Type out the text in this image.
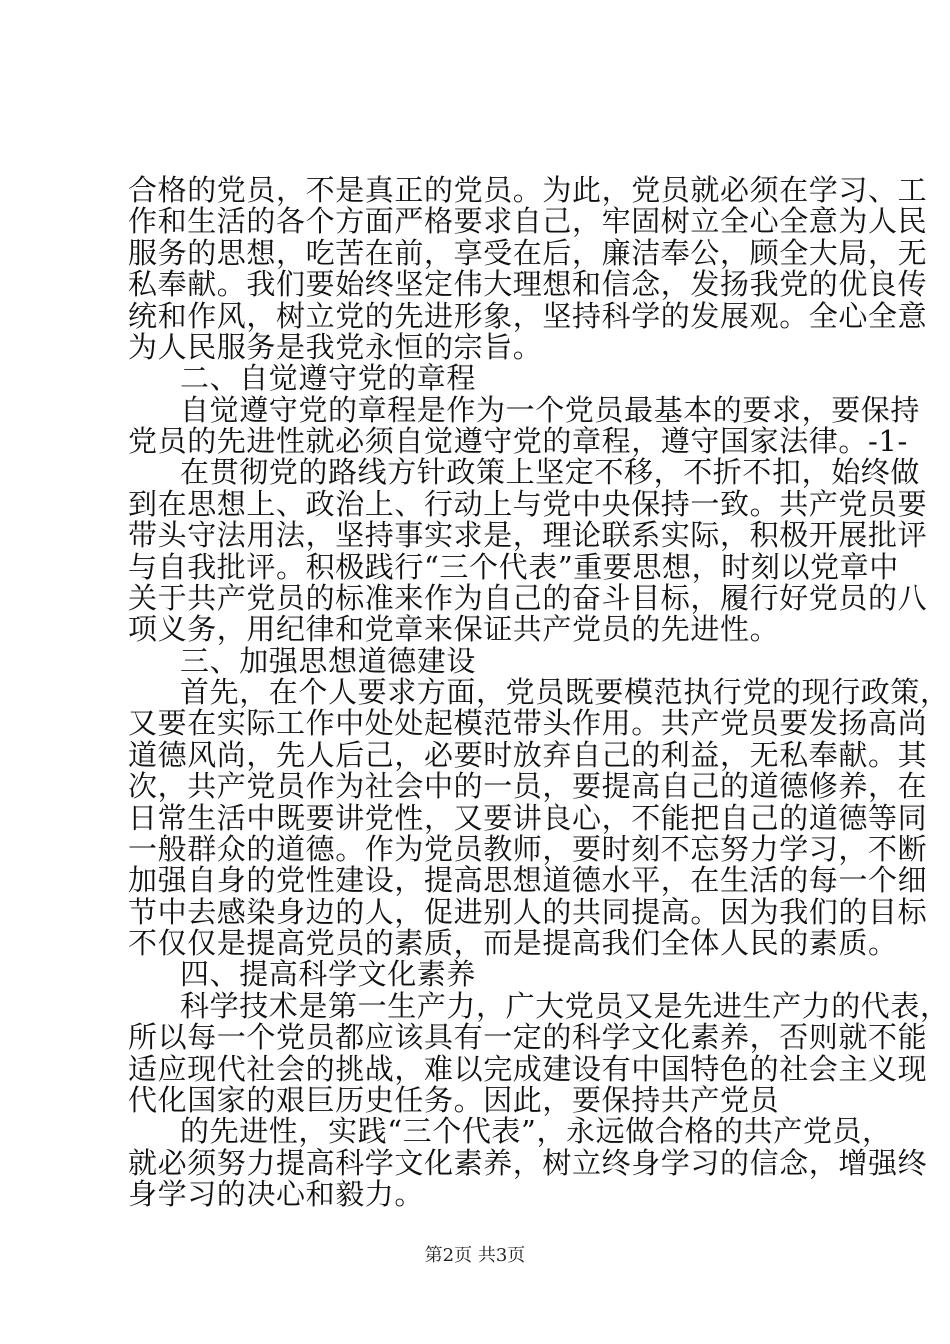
合格的党员，不是真正的党员。为此，党员就必须在学习、工
作和生活的各个方面严格要求自己，牢固树立全心全意为人民
服务的思想，吃苦在前，享受在后，廉洁奉公，顾全大局，无
私奉献。我们要始终坚定伟大理想和信念，发扬我党的优良传
统和作风，树立党的先进形象，坚持科学的发展观。全心全意
为人民服务是我党永恒的宗旨。
二、自觉遵守党的章程
自觉遵守党的章程是作为一个党员最基本的要求，要保持
党员的先进性就必须自觉遵守党的章程，遵守国家法律。-1-
在贯彻党的路线方针政策上坚定不移，不折不扣，始终做
到在思想上、政治上、行动上与党中央保持一致。共产党员要
带头守法用法，坚持事实求是，理论联系实际，积极开展批评
与自我批评。积极践行“三个代表”重要思想，时刻以党章中
关于共产党员的标准来作为自己的奋斗目标，履行好党员的八
项义务，用纪律和党章来保证共产党员的先进性。
三、加强思想道德建设
首先，在个人要求方面，党员既要模范执行党的现行政策，
又要在实际工作中处处起模范带头作用。共产党员要发扬高尚
道德风尚，先人后己，必要时放弃自己的利益，无私奉献。其
次，共产党员作为社会中的一员，要提高自己的道德修养，在
日常生活中既要讲党性，又要讲良心，不能把自己的道德等同
一般群众的道德。作为党员教师，要时刻不忘努力学习，不断
加强自身的党性建设，提高思想道德水平，在生活的每一个细
节中去感染身边的人，促进别人的共同提高。因为我们的目标
不仅仅是提高党员的素质，而是提高我们全体人民的素质。
四、提高科学文化素养
科学技术是第一生产力，广大党员又是先进生产力的代表，
所以每一个党员都应该具有一定的科学文化素养，否则就不能
适应现代社会的挑战，难以完成建设有中国特色的社会主义现
代化国家的艰巨历史任务。因此，要保持共产党员
的先进性，实践“三个代表”，永远做合格的共产党员，
就必须努力提高科学文化素养，树立终身学习的信念，增强终
身学习的决心和毅力。
第2页 共3页
